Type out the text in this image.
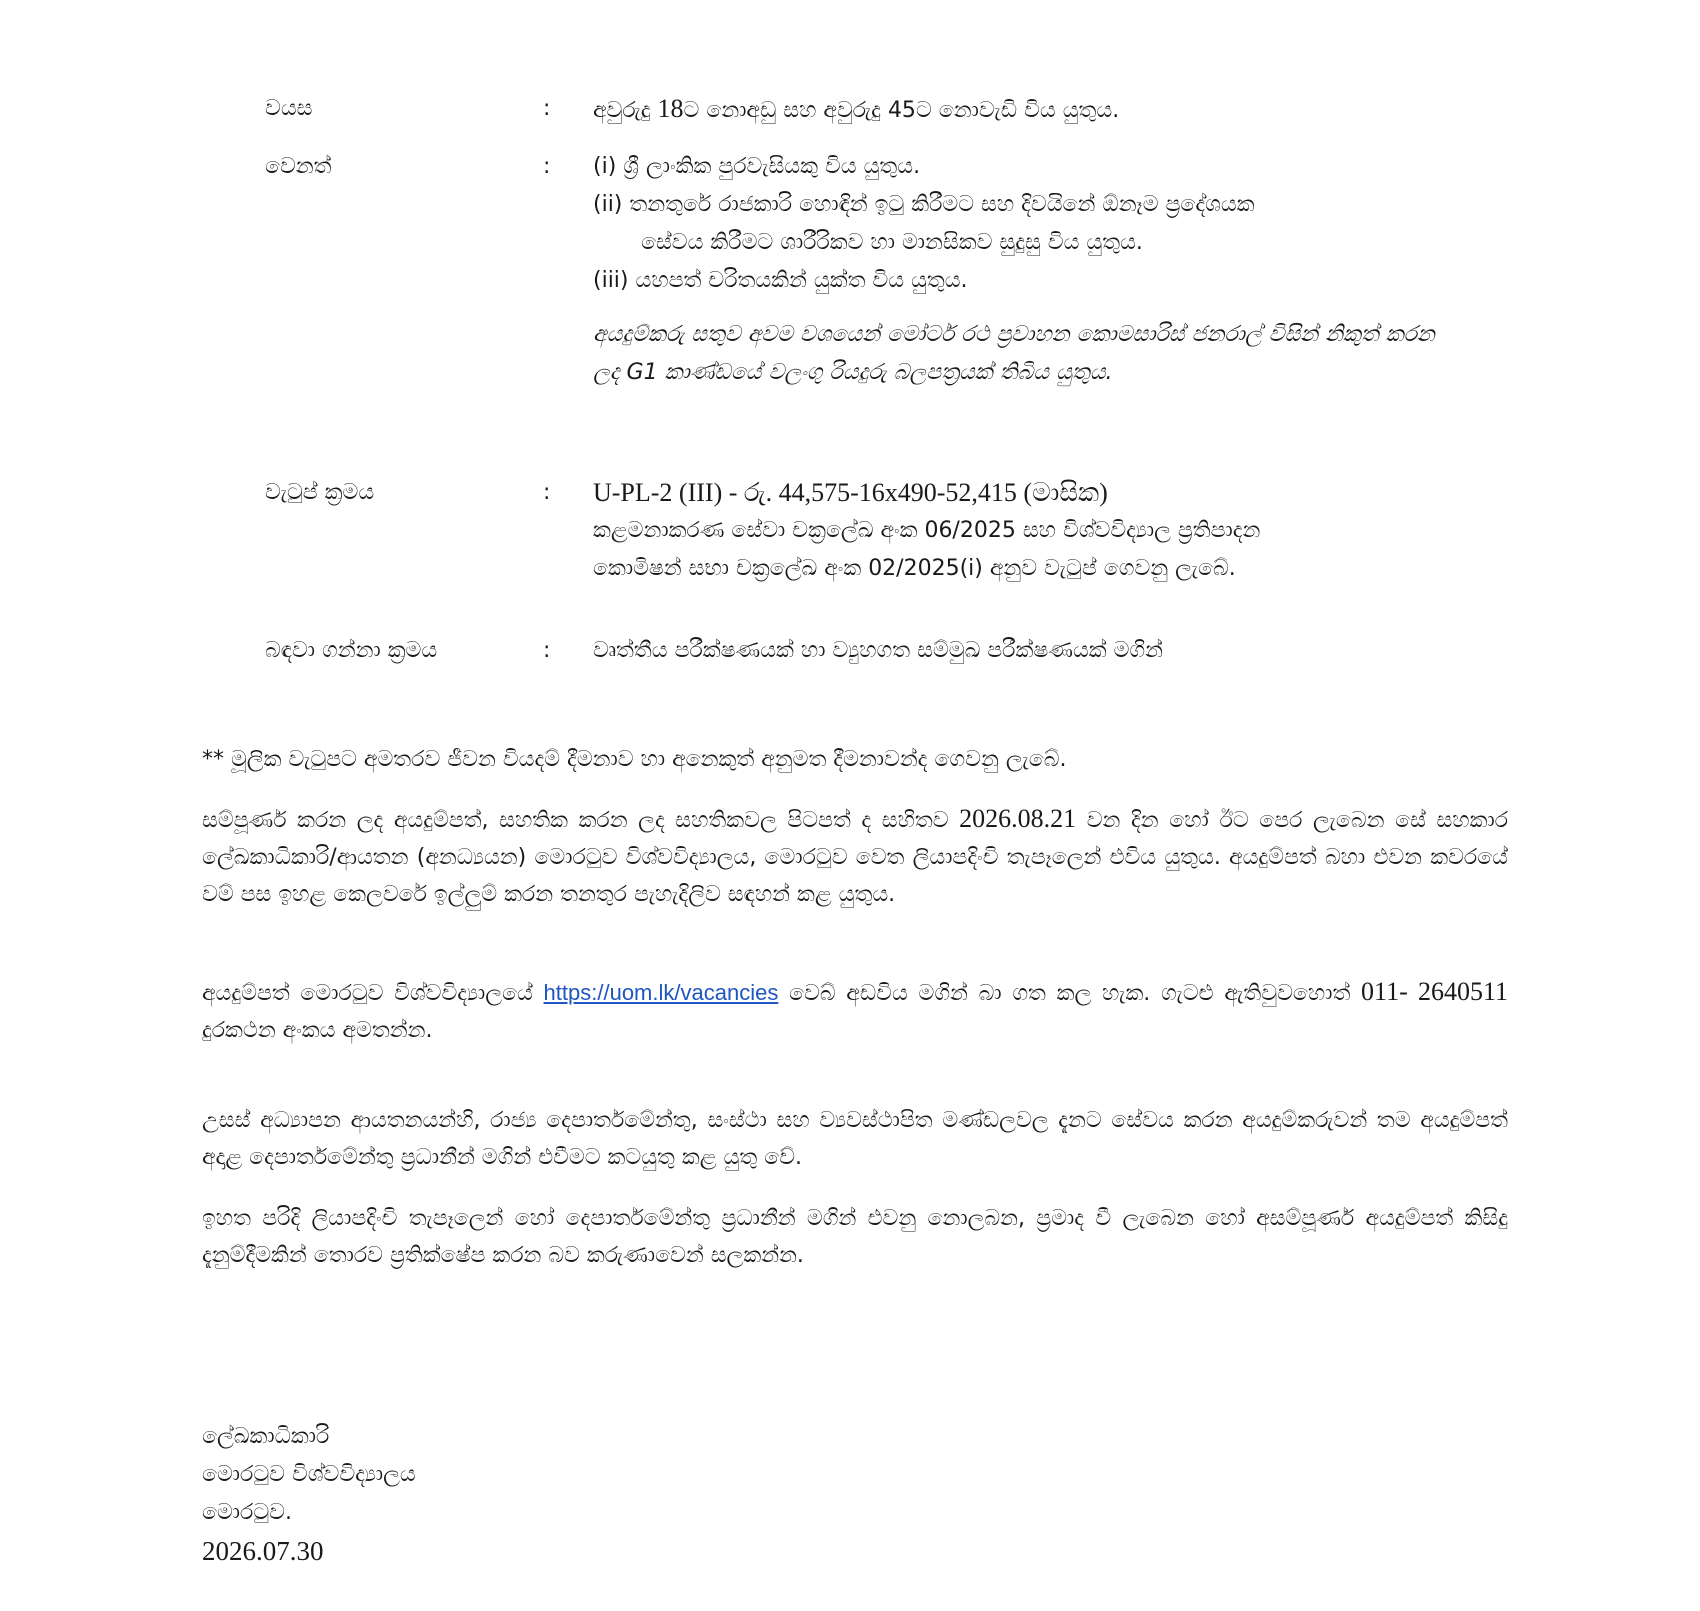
වයස	: අවුරුදු 18ට නොඅඩු සහ අවුරුදු 45ට නොවැඩි විය යුතුය.
වෙනත්	: (i) ශ්‍රී ලාංකික පුරවැසියකු විය යුතුය.
(ii) තනතුරේ රාජකාරි හොඳින් ඉටු කිරීමට සහ දිවයිනේ ඕනෑම ප්‍රදේශයක
සේවය කිරීමට ශාරීරිකව හා මානසිකව සුදුසු විය යුතුය.
(iii) යහපත් චරිතයකින් යුක්ත විය යුතුය.
අයදුම්කරු සතුව අවම වශයෙන් මෝටර් රථ ප්‍රවාහන කොමසාරිස් ජනරාල් විසින් නිකුත් කරන ලද G1 කාණ්ඩයේ වලංගු රියදුරු බලපත්‍රයක් තිබිය යුතුය.
වැටුප් ක්‍රමය	: U-PL-2 (III) - රු. 44,575-16x490-52,415 (මාසික)
කළමනාකරණ සේවා චක්‍රලේඛ අංක 06/2025 සහ විශ්වවිද්‍යාල ප්‍රතිපාදන
කොමිෂන් සභා චක්‍රලේඛ අංක 02/2025(i) අනුව වැටුප් ගෙවනු ලැබේ.
බඳවා ගන්නා ක්‍රමය	: වෘත්තීය පරීක්ෂණයක් හා ව්‍යුහගත සම්මුඛ පරීක්ෂණයක් මගින්
** මූලික වැටුපට අමතරව ජීවන වියදම් දීමනාව හා අනෙකුත් අනුමත දීමනාවන්ද ගෙවනු ලැබේ.
සම්පූර්ණ කරන ලද අයදුම්පත්, සහතික කරන ලද සහතිකවල පිටපත් ද සහිතව 2026.08.21 වන දින හෝ ඊට පෙර ලැබෙන සේ සහකාර ලේඛකාධිකාරි/ආයතන (අනධ්‍යයන) මොරටුව විශ්වවිද්‍යාලය, මොරටුව වෙත ලියාපදිංචි තැපෑලෙන් එවිය යුතුය. අයදුම්පත් බහා එවන කවරයේ වම් පස ඉහළ කෙලවරේ ඉල්ලුම් කරන තනතුර පැහැදිලිව සඳහන් කළ යුතුය.
අයදුම්පත් මොරටුව විශ්වවිද්‍යාලයේ https://uom.lk/vacancies වෙබ් අඩවිය මගින් බා ගත කල හැක. ගැටළු ඇතිවුවහොත් 011- 2640511 දුරකථන අංකය අමතන්න.
උසස් අධ්‍යාපන ආයතනයන්හි, රාජ්‍ය දෙපාර්තමේන්තු, සංස්ථා සහ ව්‍යවස්ථාපිත මණ්ඩලවල දැනට සේවය කරන අයදුම්කරුවන් තම අයදුම්පත් අදාළ දෙපාර්තමේන්තු ප්‍රධානීන් මගින් එවීමට කටයුතු කළ යුතු වේ.
ඉහත පරිදි ලියාපදිංචි තැපෑලෙන් හෝ දෙපාර්තමේන්තු ප්‍රධානීන් මගින් එවනු නොලබන, ප්‍රමාද වී ලැබෙන හෝ අසම්පූර්ණ අයදුම්පත් කිසිදු දැනුම්දීමකින් තොරව ප්‍රතික්ෂේප කරන බව කරුණාවෙන් සලකන්න.
ලේඛකාධිකාරි
මොරටුව විශ්වවිද්‍යාලය
මොරටුව.
2026.07.30
